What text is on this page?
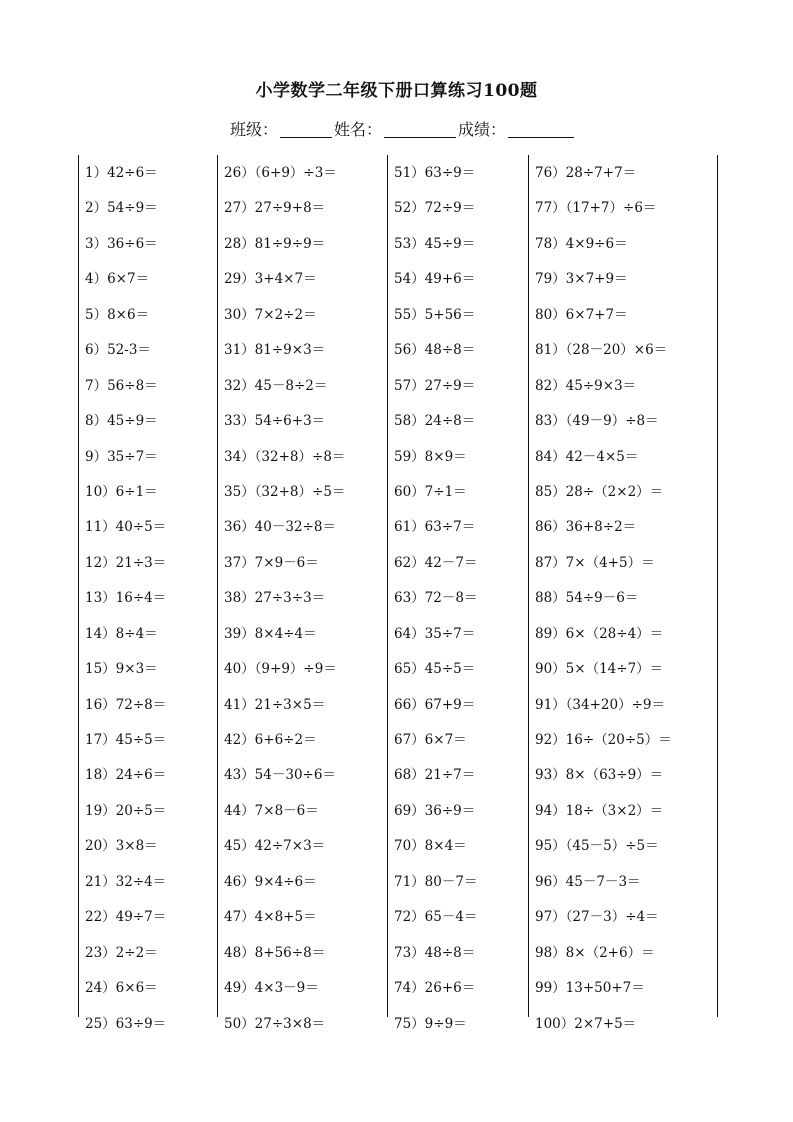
小学数学二年级下册口算练习100题
班级：	姓名：	成绩：
1）42÷6＝
2）54÷9＝
3）36÷6＝
4）6×7＝
5）8×6＝
6）52-3＝
7）56÷8＝
8）45÷9＝
9）35÷7＝
10）6÷1＝
11）40÷5＝
12）21÷3＝
13）16÷4＝
14）8÷4＝
15）9×3＝
16）72÷8＝
17）45÷5＝
18）24÷6＝
19）20÷5＝
20）3×8＝
21）32÷4＝
22）49÷7＝
23）2÷2＝
24）6×6＝
25）63÷9＝
26）（6+9）÷3＝
27）27÷9+8＝
28）81÷9÷9＝
29）3+4×7＝
30）7×2÷2＝
31）81÷9×3＝
32）45－8÷2＝
33）54÷6+3＝
34）（32+8）÷8＝
35）（32+8）÷5＝
36）40－32÷8＝
37）7×9－6＝
38）27÷3÷3＝
39）8×4÷4＝
40）（9+9）÷9＝
41）21÷3×5＝
42）6+6÷2＝
43）54－30÷6＝
44）7×8－6＝
45）42÷7×3＝
46）9×4÷6＝
47）4×8+5＝
48）8+56÷8＝
49）4×3－9＝
50）27÷3×8＝
51）63÷9＝
52）72÷9＝
53）45÷9＝
54）49+6＝
55）5+56＝
56）48÷8＝
57）27÷9＝
58）24÷8＝
59）8×9＝
60）7÷1＝
61）63÷7＝
62）42－7＝
63）72－8＝
64）35÷7＝
65）45÷5＝
66）67+9＝
67）6×7＝
68）21÷7＝
69）36÷9＝
70）8×4＝
71）80－7＝
72）65－4＝
73）48÷8＝
74）26+6＝
75）9÷9＝
76）28÷7+7＝
77）（17+7）÷6＝
78）4×9÷6＝
79）3×7+9＝
80）6×7+7＝
81）（28－20）×6＝
82）45÷9×3＝
83）（49－9）÷8＝
84）42－4×5＝
85）28÷（2×2）＝
86）36+8÷2＝
87）7×（4+5）＝
88）54÷9－6＝
89）6×（28÷4）＝
90）5×（14÷7）＝
91）（34+20）÷9＝
92）16÷（20÷5）＝
93）8×（63÷9）＝
94）18÷（3×2）＝
95）（45－5）÷5＝
96）45－7－3＝
97）（27－3）÷4＝
98）8×（2+6）＝
99）13+50+7＝
100）2×7+5＝
